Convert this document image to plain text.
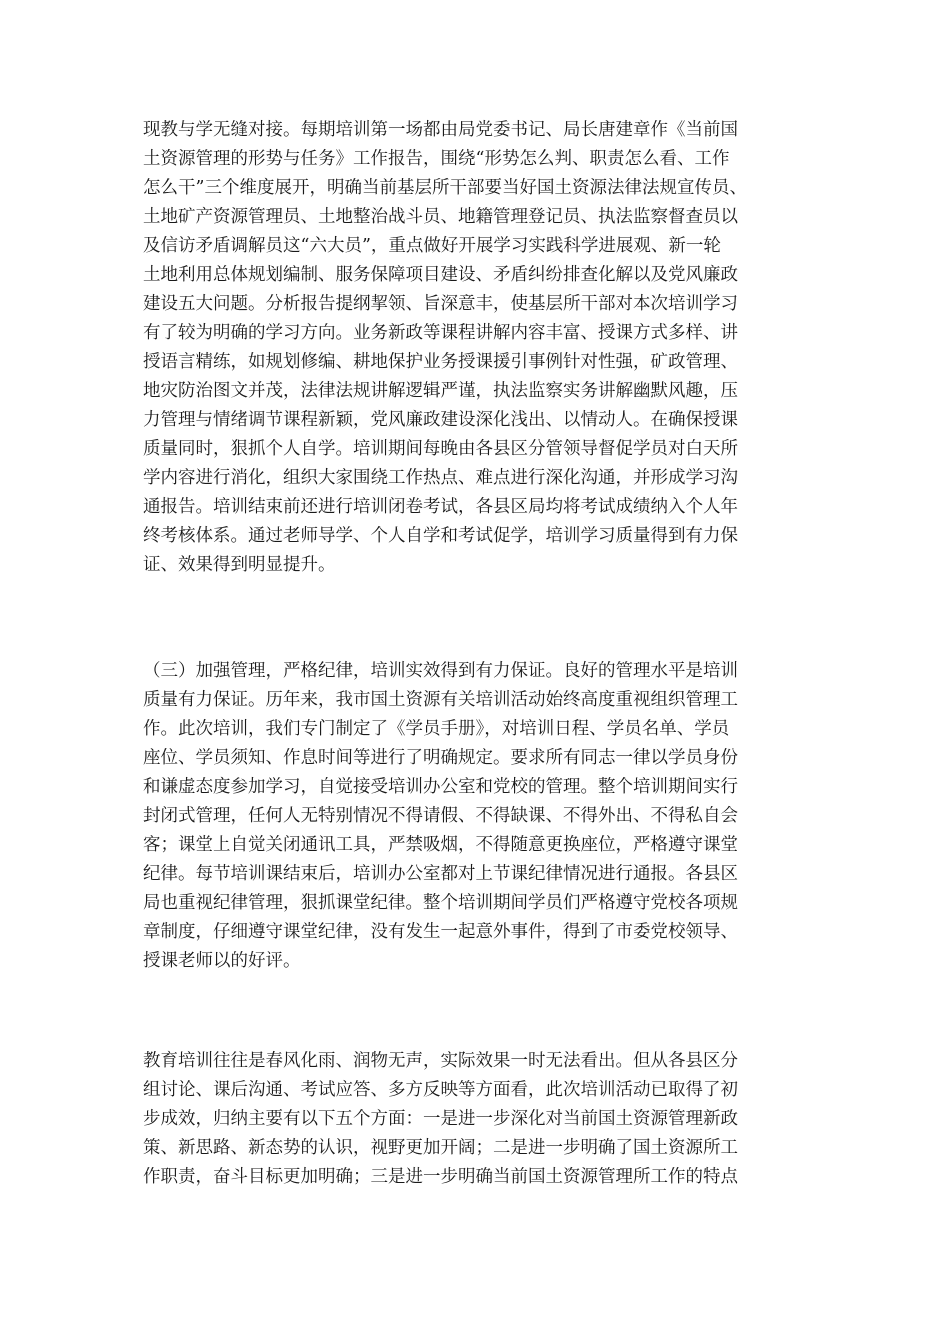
现教与学无缝对接。每期培训第一场都由局党委书记、局长唐建章作《当前国
土资源管理的形势与任务》工作报告，围绕“形势怎么判、职责怎么看、工作
怎么干”三个维度展开，明确当前基层所干部要当好国土资源法律法规宣传员、
土地矿产资源管理员、土地整治战斗员、地籍管理登记员、执法监察督查员以
及信访矛盾调解员这“六大员”，重点做好开展学习实践科学进展观、新一轮
土地利用总体规划编制、服务保障项目建设、矛盾纠纷排查化解以及党风廉政
建设五大问题。分析报告提纲挈领、旨深意丰，使基层所干部对本次培训学习
有了较为明确的学习方向。业务新政等课程讲解内容丰富、授课方式多样、讲
授语言精练，如规划修编、耕地保护业务授课援引事例针对性强，矿政管理、
地灾防治图文并茂，法律法规讲解逻辑严谨，执法监察实务讲解幽默风趣，压
力管理与情绪调节课程新颖，党风廉政建设深化浅出、以情动人。在确保授课
质量同时，狠抓个人自学。培训期间每晚由各县区分管领导督促学员对白天所
学内容进行消化，组织大家围绕工作热点、难点进行深化沟通，并形成学习沟
通报告。培训结束前还进行培训闭卷考试，各县区局均将考试成绩纳入个人年
终考核体系。通过老师导学、个人自学和考试促学，培训学习质量得到有力保
证、效果得到明显提升。
（三）加强管理，严格纪律，培训实效得到有力保证。良好的管理水平是培训
质量有力保证。历年来，我市国土资源有关培训活动始终高度重视组织管理工
作。此次培训，我们专门制定了《学员手册》，对培训日程、学员名单、学员
座位、学员须知、作息时间等进行了明确规定。要求所有同志一律以学员身份
和谦虚态度参加学习，自觉接受培训办公室和党校的管理。整个培训期间实行
封闭式管理，任何人无特别情况不得请假、不得缺课、不得外出、不得私自会
客；课堂上自觉关闭通讯工具，严禁吸烟，不得随意更换座位，严格遵守课堂
纪律。每节培训课结束后，培训办公室都对上节课纪律情况进行通报。各县区
局也重视纪律管理，狠抓课堂纪律。整个培训期间学员们严格遵守党校各项规
章制度，仔细遵守课堂纪律，没有发生一起意外事件，得到了市委党校领导、
授课老师以的好评。
教育培训往往是春风化雨、润物无声，实际效果一时无法看出。但从各县区分
组讨论、课后沟通、考试应答、多方反映等方面看，此次培训活动已取得了初
步成效，归纳主要有以下五个方面：一是进一步深化对当前国土资源管理新政
策、新思路、新态势的认识，视野更加开阔；二是进一步明确了国土资源所工
作职责，奋斗目标更加明确；三是进一步明确当前国土资源管理所工作的特点
